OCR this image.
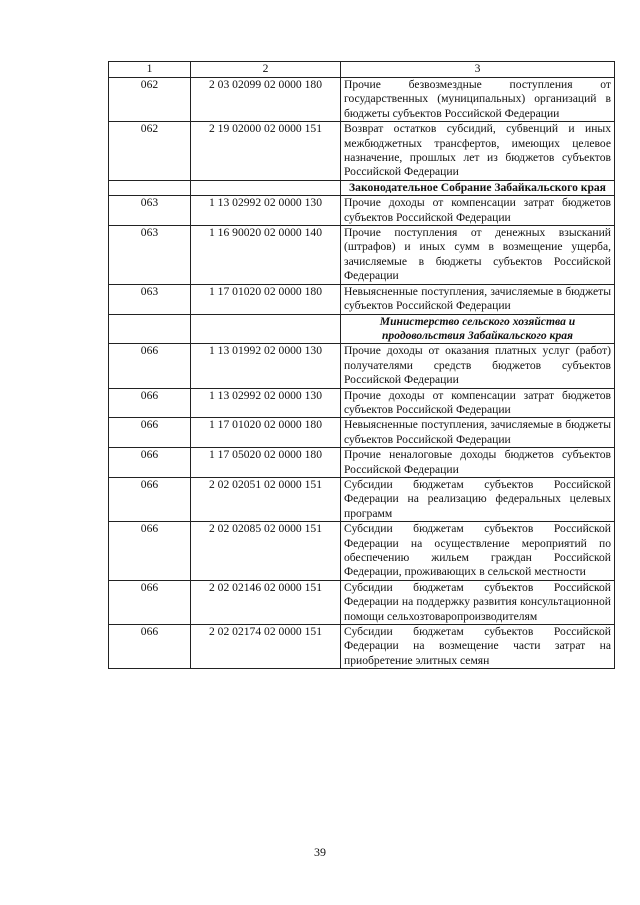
1	2	3
062	2 03 02099 02 0000 180	Прочие безвозмездные поступления от государственных (муниципальных) организаций в бюджеты субъектов Российской Федерации
062	2 19 02000 02 0000 151	Возврат остатков субсидий, субвенций и иных межбюджетных трансфертов, имеющих целевое назначение, прошлых лет из бюджетов субъектов Российской Федерации
		Законодательное Собрание Забайкальского края
063	1 13 02992 02 0000 130	Прочие доходы от компенсации затрат бюджетов субъектов Российской Федерации
063	1 16 90020 02 0000 140	Прочие поступления от денежных взысканий (штрафов) и иных сумм в возмещение ущерба, зачисляемые в бюджеты субъектов Российской Федерации
063	1 17 01020 02 0000 180	Невыясненные поступления, зачисляемые в бюджеты субъектов Российской Федерации
		Министерство сельского хозяйства и продовольствия Забайкальского края
066	1 13 01992 02 0000 130	Прочие доходы от оказания платных услуг (работ) получателями средств бюджетов субъектов Российской Федерации
066	1 13 02992 02 0000 130	Прочие доходы от компенсации затрат бюджетов субъектов Российской Федерации
066	1 17 01020 02 0000 180	Невыясненные поступления, зачисляемые в бюджеты субъектов Российской Федерации
066	1 17 05020 02 0000 180	Прочие неналоговые доходы бюджетов субъектов Российской Федерации
066	2 02 02051 02 0000 151	Субсидии бюджетам субъектов Российской Федерации на реализацию федеральных целевых программ
066	2 02 02085 02 0000 151	Субсидии бюджетам субъектов Российской Федерации на осуществление мероприятий по обеспечению жильем граждан Российской Федерации, проживающих в сельской местности
066	2 02 02146 02 0000 151	Субсидии бюджетам субъектов Российской Федерации на поддержку развития консультационной помощи сельхозтоваропроизводителям
066	2 02 02174 02 0000 151	Субсидии бюджетам субъектов Российской Федерации на возмещение части затрат на приобретение элитных семян
39
